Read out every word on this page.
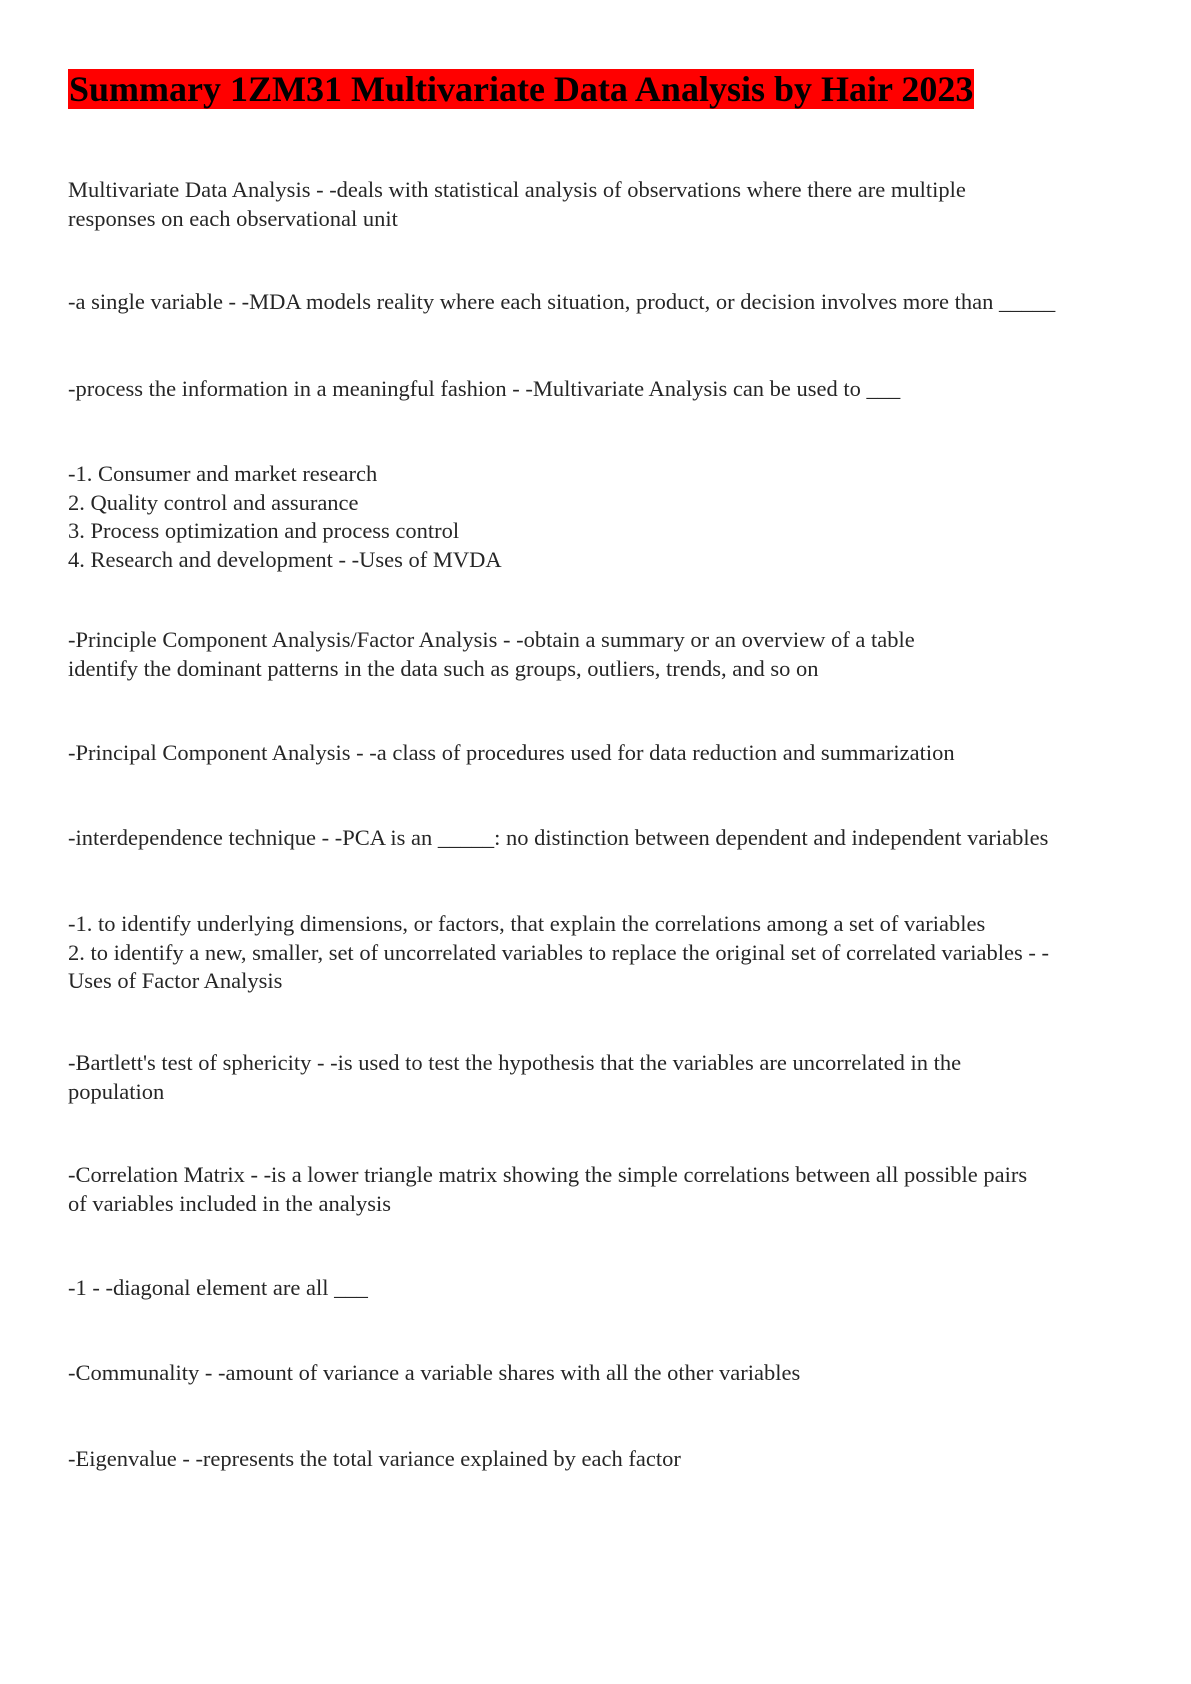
Summary 1ZM31 Multivariate Data Analysis by Hair 2023

Multivariate Data Analysis - -deals with statistical analysis of observations where there are multiple
responses on each observational unit

-a single variable - -MDA models reality where each situation, product, or decision involves more than _____

-process the information in a meaningful fashion - -Multivariate Analysis can be used to ___

-1. Consumer and market research
2. Quality control and assurance
3. Process optimization and process control
4. Research and development - -Uses of MVDA

-Principle Component Analysis/Factor Analysis - -obtain a summary or an overview of a table
identify the dominant patterns in the data such as groups, outliers, trends, and so on

-Principal Component Analysis - -a class of procedures used for data reduction and summarization

-interdependence technique - -PCA is an _____: no distinction between dependent and independent variables

-1. to identify underlying dimensions, or factors, that explain the correlations among a set of variables
2. to identify a new, smaller, set of uncorrelated variables to replace the original set of correlated variables - -
Uses of Factor Analysis

-Bartlett's test of sphericity - -is used to test the hypothesis that the variables are uncorrelated in the
population

-Correlation Matrix - -is a lower triangle matrix showing the simple correlations between all possible pairs
of variables included in the analysis

-1 - -diagonal element are all ___

-Communality - -amount of variance a variable shares with all the other variables

-Eigenvalue - -represents the total variance explained by each factor
